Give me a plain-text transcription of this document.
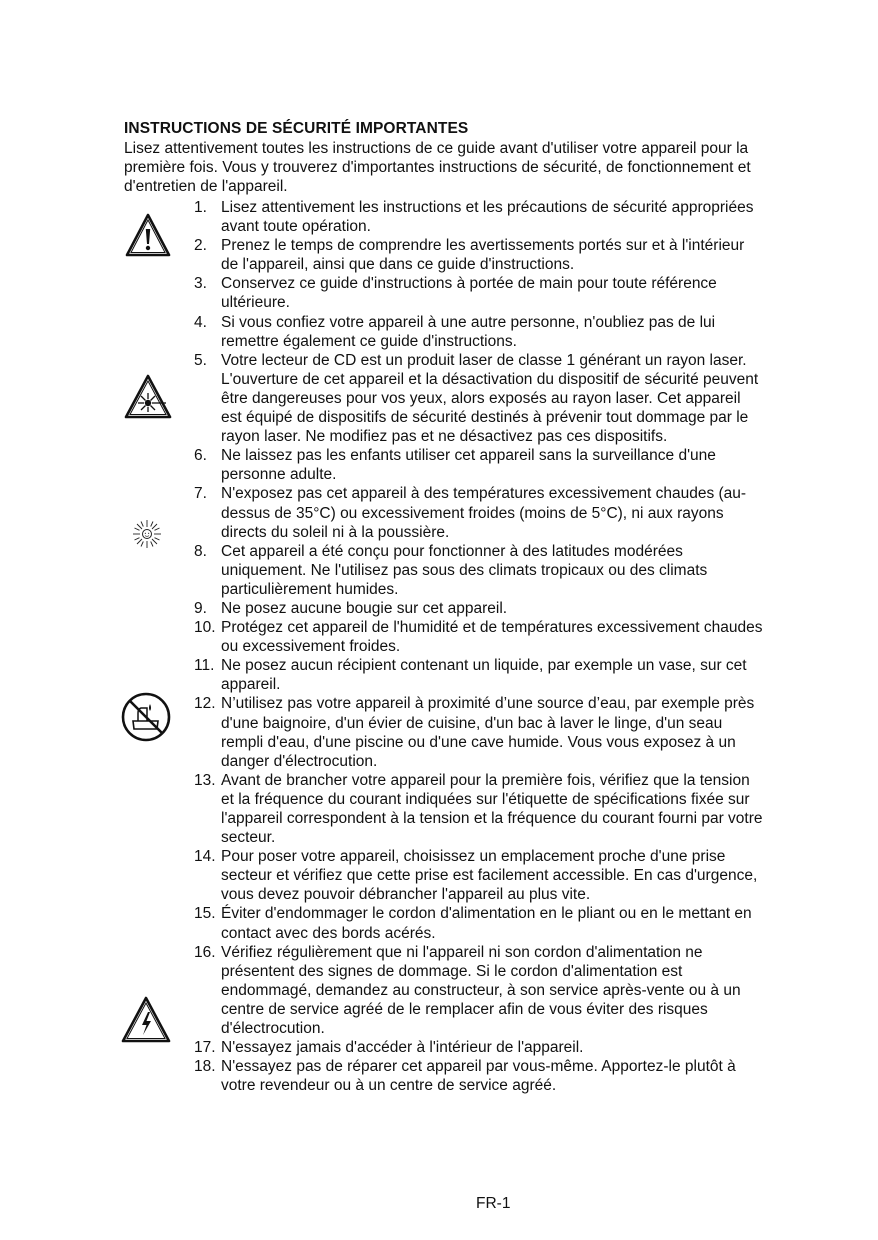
INSTRUCTIONS DE SÉCURITÉ IMPORTANTES
Lisez attentivement toutes les instructions de ce guide avant d'utiliser votre appareil pour la première fois. Vous y trouverez d'importantes instructions de sécurité, de fonctionnement et d'entretien de l'appareil.
1. Lisez attentivement les instructions et les précautions de sécurité appropriées avant toute opération.
2. Prenez le temps de comprendre les avertissements portés sur et à l'intérieur de l'appareil, ainsi que dans ce guide d'instructions.
3. Conservez ce guide d'instructions à portée de main pour toute référence ultérieure.
4. Si vous confiez votre appareil à une autre personne, n'oubliez pas de lui remettre également ce guide d'instructions.
5. Votre lecteur de CD est un produit laser de classe 1 générant un rayon laser.
L'ouverture de cet appareil et la désactivation du dispositif de sécurité peuvent être dangereuses pour vos yeux, alors exposés au rayon laser. Cet appareil est équipé de dispositifs de sécurité destinés à prévenir tout dommage par le rayon laser. Ne modifiez pas et ne désactivez pas ces dispositifs.
6. Ne laissez pas les enfants utiliser cet appareil sans la surveillance d'une personne adulte.
7. N'exposez pas cet appareil à des températures excessivement chaudes (au-dessus de 35°C) ou excessivement froides (moins de 5°C), ni aux rayons directs du soleil ni à la poussière.
8. Cet appareil a été conçu pour fonctionner à des latitudes modérées uniquement. Ne l'utilisez pas sous des climats tropicaux ou des climats particulièrement humides.
9. Ne posez aucune bougie sur cet appareil.
10. Protégez cet appareil de l'humidité et de températures excessivement chaudes ou excessivement froides.
11. Ne posez aucun récipient contenant un liquide, par exemple un vase, sur cet appareil.
12. N’utilisez pas votre appareil à proximité d’une source d’eau, par exemple près d'une baignoire, d'un évier de cuisine, d'un bac à laver le linge, d'un seau rempli d'eau, d'une piscine ou d'une cave humide. Vous vous exposez à un danger d'électrocution.
13. Avant de brancher votre appareil pour la première fois, vérifiez que la tension et la fréquence du courant indiquées sur l'étiquette de spécifications fixée sur l'appareil correspondent à la tension et la fréquence du courant fourni par votre secteur.
14. Pour poser votre appareil, choisissez un emplacement proche d'une prise secteur et vérifiez que cette prise est facilement accessible. En cas d'urgence, vous devez pouvoir débrancher l'appareil au plus vite.
15. Éviter d'endommager le cordon d'alimentation en le pliant ou en le mettant en contact avec des bords acérés.
16. Vérifiez régulièrement que ni l'appareil ni son cordon d'alimentation ne présentent des signes de dommage. Si le cordon d'alimentation est endommagé, demandez au constructeur, à son service après-vente ou à un centre de service agréé de le remplacer afin de vous éviter des risques d'électrocution.
17. N'essayez jamais d'accéder à l'intérieur de l'appareil.
18. N'essayez pas de réparer cet appareil par vous-même. Apportez-le plutôt à votre revendeur ou à un centre de service agréé.
FR-1
